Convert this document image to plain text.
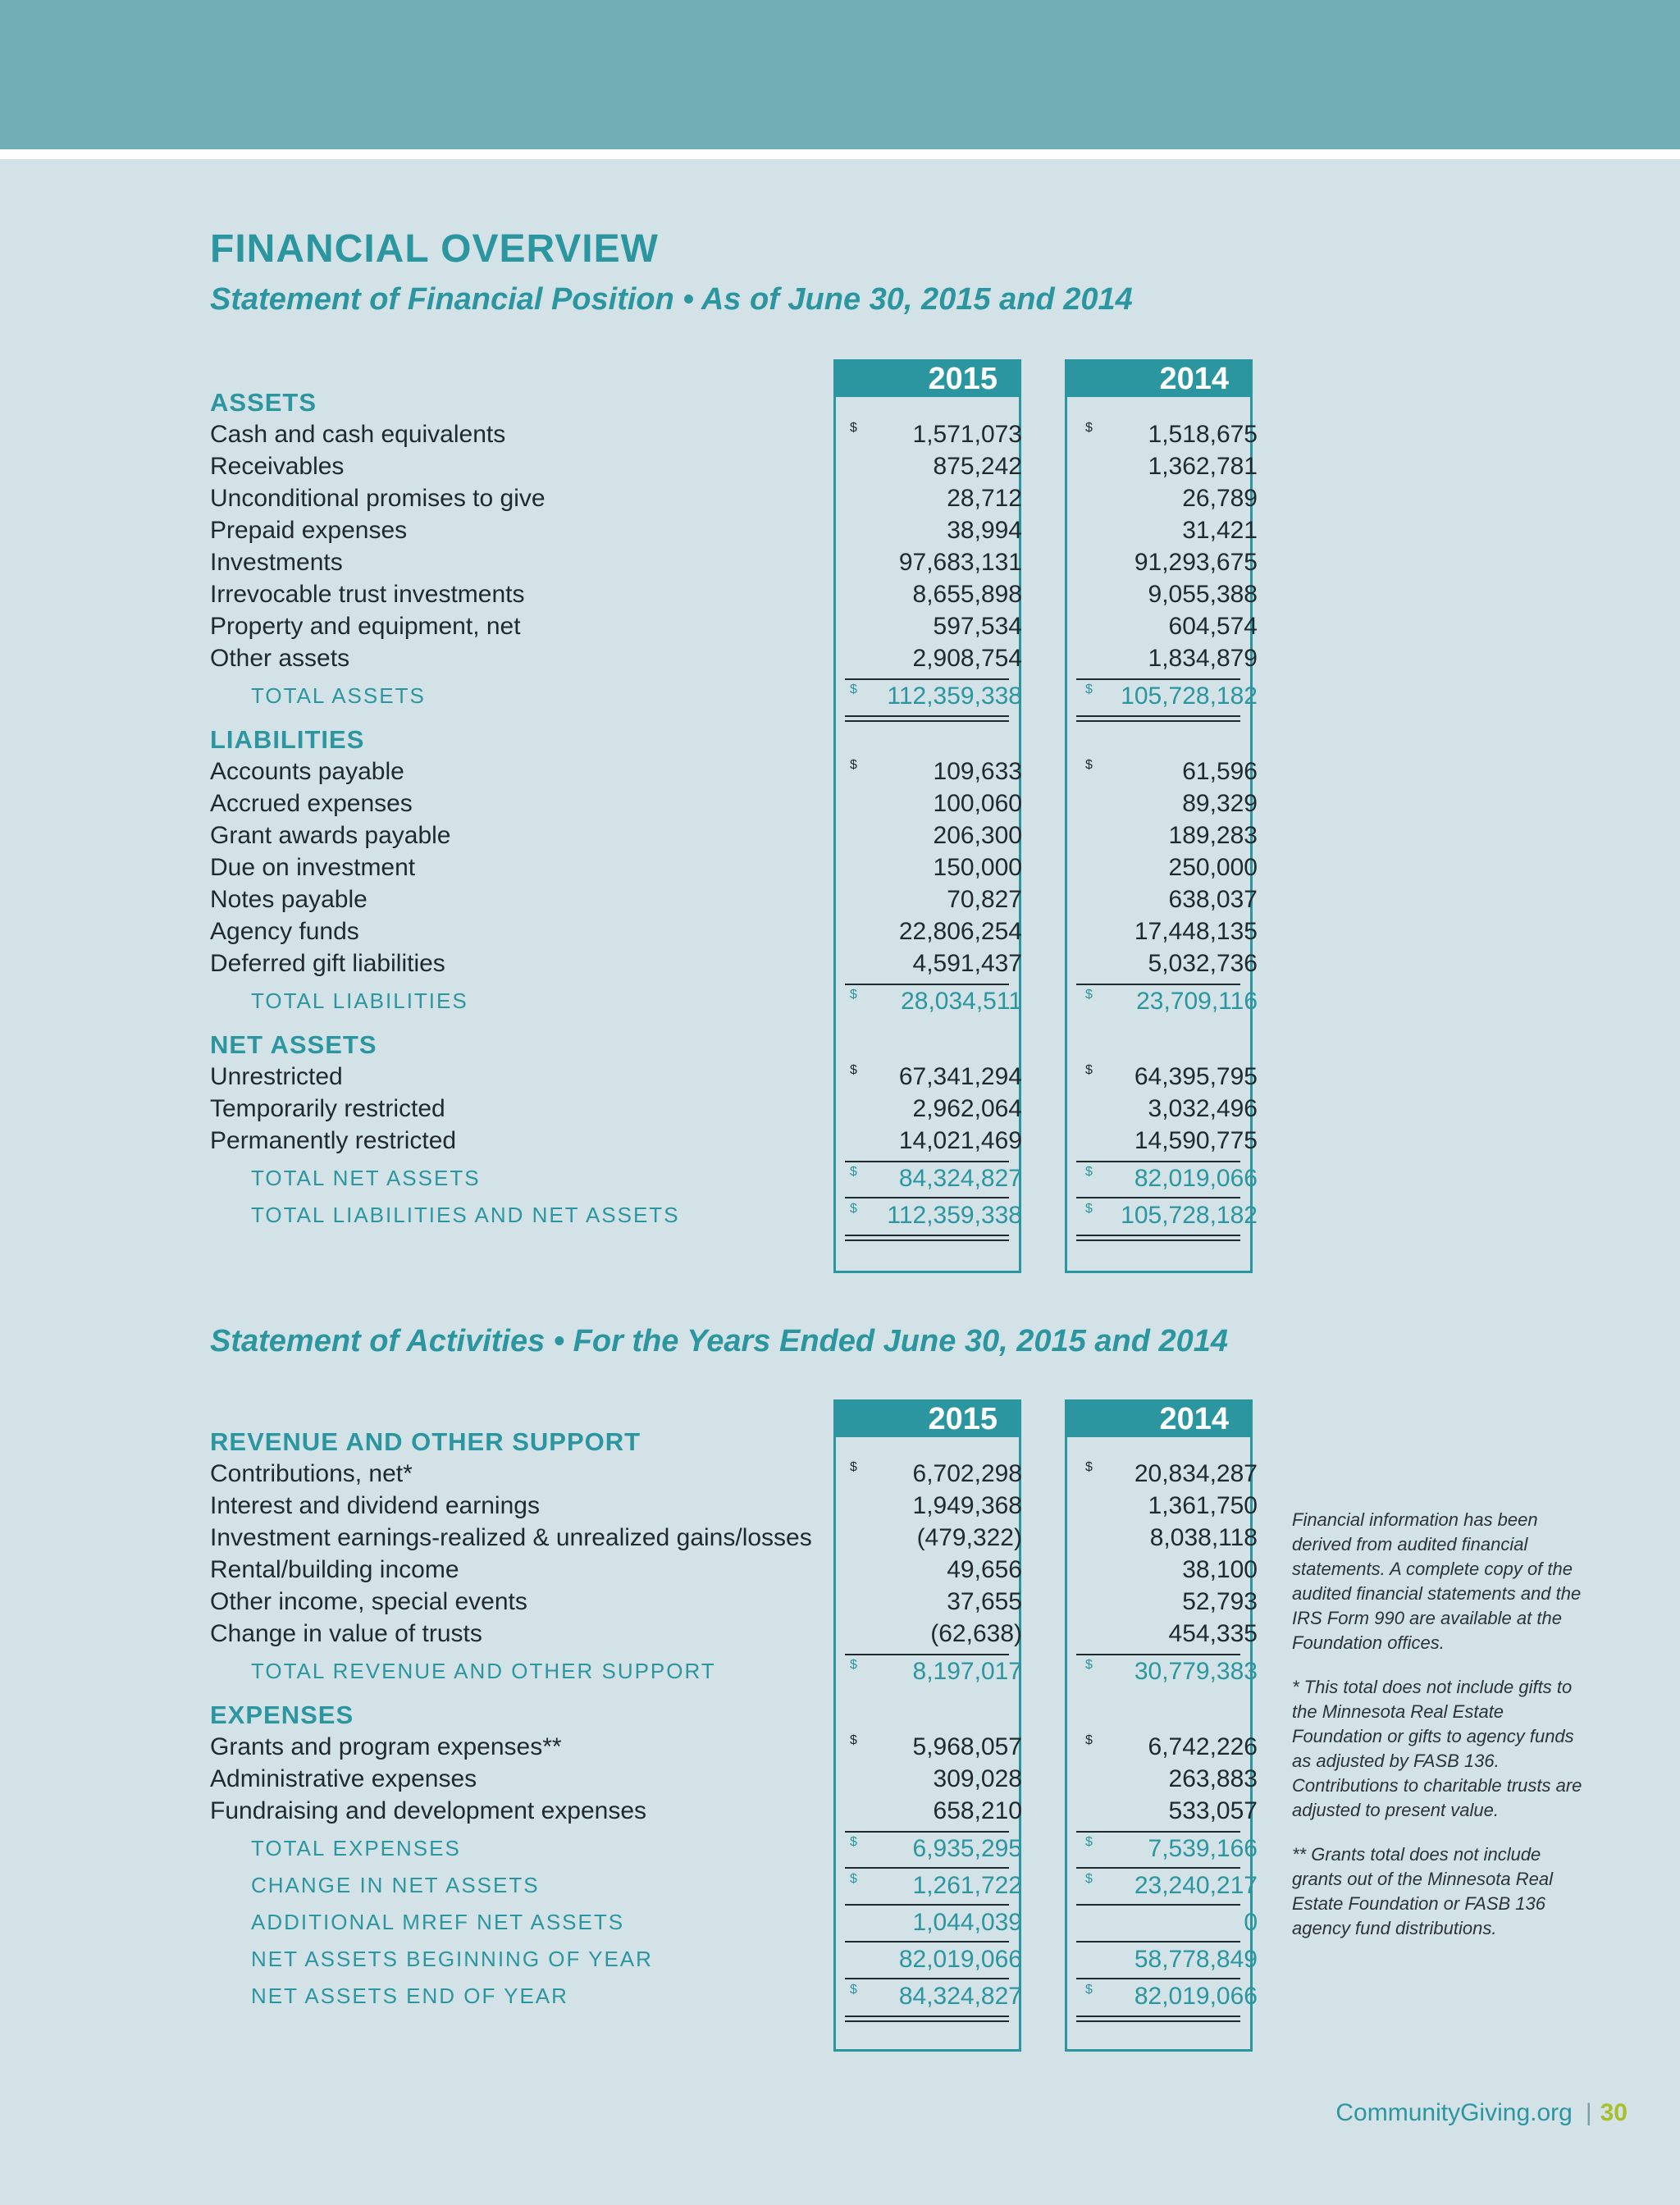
FINANCIAL OVERVIEW
Statement of Financial Position • As of June 30, 2015 and 2014
2015	2014
ASSETS
Cash and cash equivalents	$ 1,571,073	$ 1,518,675
Receivables	875,242	1,362,781
Unconditional promises to give	28,712	26,789
Prepaid expenses	38,994	31,421
Investments	97,683,131	91,293,675
Irrevocable trust investments	8,655,898	9,055,388
Property and equipment, net	597,534	604,574
Other assets	2,908,754	1,834,879
TOTAL ASSETS	$ 112,359,338	$ 105,728,182
LIABILITIES
Accounts payable	$	109,633	$	61,596
Accrued expenses	100,060	89,329
Grant awards payable	206,300	189,283
Due on investment	150,000	250,000
Notes payable	70,827	638,037
Agency funds	22,806,254	17,448,135
Deferred gift liabilities	4,591,437	5,032,736
TOTAL LIABILITIES	$ 28,034,511	$ 23,709,116
NET ASSETS
Unrestricted	$ 67,341,294	$ 64,395,795
Temporarily restricted	2,962,064	3,032,496
Permanently restricted	14,021,469	14,590,775
TOTAL NET ASSETS	$ 84,324,827	$ 82,019,066
TOTAL LIABILITIES AND NET ASSETS	$ 112,359,338	$ 105,728,182
Statement of Activities • For the Years Ended June 30, 2015 and 2014
2015	2014
REVENUE AND OTHER SUPPORT
Contributions, net*	$ 6,702,298	$ 20,834,287
Interest and dividend earnings	1,949,368	1,361,750
Investment earnings-realized & unrealized gains/losses	(479,322)	8,038,118
Rental/building income	49,656	38,100
Other income, special events	37,655	52,793
Change in value of trusts	(62,638)	454,335
TOTAL REVENUE AND OTHER SUPPORT	$ 8,197,017	$ 30,779,383
EXPENSES
Grants and program expenses**	$ 5,968,057	$ 6,742,226
Administrative expenses	309,028	263,883
Fundraising and development expenses	658,210	533,057
TOTAL EXPENSES	$ 6,935,295	$ 7,539,166
CHANGE IN NET ASSETS	$ 1,261,722	$ 23,240,217
ADDITIONAL MREF NET ASSETS	1,044,039	0
NET ASSETS BEGINNING OF YEAR	82,019,066	58,778,849
NET ASSETS END OF YEAR	$ 84,324,827	$ 82,019,066

Financial information has been derived from audited financial statements. A complete copy of the audited financial statements and the IRS Form 990 are available at the Foundation offices.

* This total does not include gifts to the Minnesota Real Estate Foundation or gifts to agency funds as adjusted by FASB 136. Contributions to charitable trusts are adjusted to present value.

** Grants total does not include grants out of the Minnesota Real Estate Foundation or FASB 136 agency fund distributions.

CommunityGiving.org | 30
